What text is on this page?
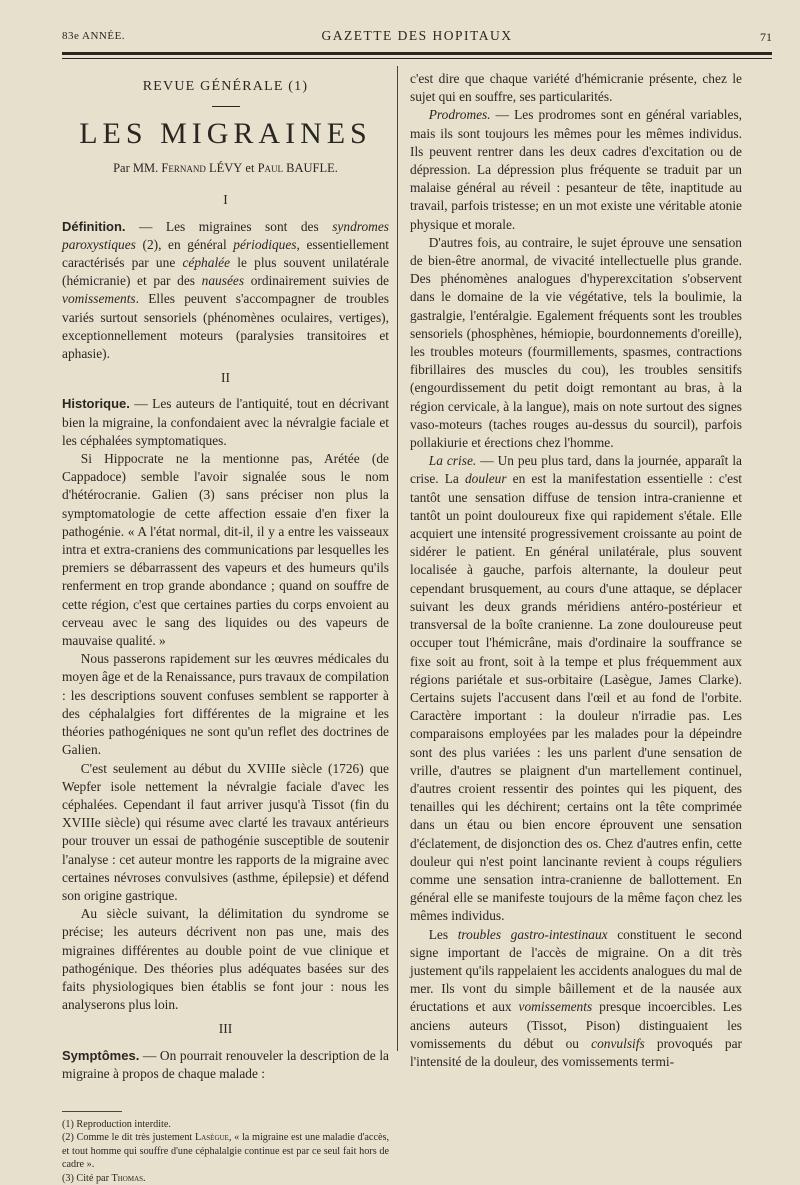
83e ANNÉE.	GAZETTE DES HOPITAUX	71
REVUE GÉNÉRALE (1)
LES MIGRAINES
Par MM. Fernand LÉVY et Paul BAUFLE.
I

Définition. — Les migraines sont des syndromes paroxystiques (2), en général périodiques, essentiellement caractérisés par une céphalée le plus souvent unilatérale (hémicranie) et par des nausées ordinairement suivies de vomissements. Elles peuvent s'accompagner de troubles variés surtout sensoriels (phénomènes oculaires, vertiges), exceptionnellement moteurs (paralysies transitoires et aphasie).

II

Historique. — Les auteurs de l'antiquité, tout en décrivant bien la migraine, la confondaient avec la névralgie faciale et les céphalées symptomatiques.

Si Hippocrate ne la mentionne pas, Arétée (de Cappadoce) semble l'avoir signalée sous le nom d'hétérocranie. Galien (3) sans préciser non plus la symptomatologie de cette affection essaie d'en fixer la pathogénie. « A l'état normal, dit-il, il y a entre les vaisseaux intra et extra-craniens des communications par lesquelles les premiers se débarrassent des vapeurs et des humeurs qu'ils renferment en trop grande abondance ; quand on souffre de cette région, c'est que certaines parties du corps envoient au cerveau avec le sang des liquides ou des vapeurs de mauvaise qualité. »

Nous passerons rapidement sur les œuvres médicales du moyen âge et de la Renaissance, purs travaux de compilation : les descriptions souvent confuses semblent se rapporter à des céphalalgies fort différentes de la migraine et les théories pathogéniques ne sont qu'un reflet des doctrines de Galien.

C'est seulement au début du XVIIIe siècle (1726) que Wepfer isole nettement la névralgie faciale d'avec les céphalées. Cependant il faut arriver jusqu'à Tissot (fin du XVIIIe siècle) qui résume avec clarté les travaux antérieurs pour trouver un essai de pathogénie susceptible de soutenir l'analyse : cet auteur montre les rapports de la migraine avec certaines névroses convulsives (asthme, épilepsie) et défend son origine gastrique.

Au siècle suivant, la délimitation du syndrome se précise; les auteurs décrivent non pas une, mais des migraines différentes au double point de vue clinique et pathogénique. Des théories plus adéquates basées sur des faits physiologiques bien établis se font jour : nous les analyserons plus loin.

III

Symptômes. — On pourrait renouveler la description de la migraine à propos de chaque malade :

(1) Reproduction interdite.

(2) Comme le dit très justement Lasègue, « la migraine est une maladie d'accès, et tout homme qui souffre d'une céphalalgie continue est par ce seul fait hors de cadre ».

(3) Cité par Thomas.

c'est dire que chaque variété d'hémicranie présente, chez le sujet qui en souffre, ses particularités.

Prodromes. — Les prodromes sont en général variables, mais ils sont toujours les mêmes pour les mêmes individus. Ils peuvent rentrer dans les deux cadres d'excitation ou de dépression. La dépression plus fréquente se traduit par un malaise général au réveil : pesanteur de tête, inaptitude au travail, parfois tristesse; en un mot existe une véritable atonie physique et morale.

D'autres fois, au contraire, le sujet éprouve une sensation de bien-être anormal, de vivacité intellectuelle plus grande. Des phénomènes analogues d'hyperexcitation s'observent dans le domaine de la vie végétative, tels la boulimie, la gastralgie, l'entéralgie. Egalement fréquents sont les troubles sensoriels (phosphènes, hémiopie, bourdonnements d'oreille), les troubles moteurs (fourmillements, spasmes, contractions fibrillaires des muscles du cou), les troubles sensitifs (engourdissement du petit doigt remontant au bras, à la région cervicale, à la langue), mais on note surtout des signes vaso-moteurs (taches rouges au-dessus du sourcil), parfois pollakiurie et érections chez l'homme.

La crise. — Un peu plus tard, dans la journée, apparaît la crise. La douleur en est la manifestation essentielle : c'est tantôt une sensation diffuse de tension intra-cranienne et tantôt un point douloureux fixe qui rapidement s'étale. Elle acquiert une intensité progressivement croissante au point de sidérer le patient. En général unilatérale, plus souvent localisée à gauche, parfois alternante, la douleur peut cependant brusquement, au cours d'une attaque, se déplacer suivant les deux grands méridiens antéro-postérieur et transversal de la boîte cranienne. La zone douloureuse peut occuper tout l'hémicrâne, mais d'ordinaire la souffrance se fixe soit au front, soit à la tempe et plus fréquemment aux régions pariétale et sus-orbitaire (Lasègue, James Clarke). Certains sujets l'accusent dans l'œil et au fond de l'orbite. Caractère important : la douleur n'irradie pas. Les comparaisons employées par les malades pour la dépeindre sont des plus variées : les uns parlent d'une sensation de vrille, d'autres se plaignent d'un martellement continuel, d'autres croient ressentir des pointes qui les piquent, des tenailles qui les déchirent; certains ont la tête comprimée dans un étau ou bien encore éprouvent une sensation d'éclatement, de disjonction des os. Chez d'autres enfin, cette douleur qui n'est point lancinante revient à coups réguliers comme une sensation intra-cranienne de ballottement. En général elle se manifeste toujours de la même façon chez les mêmes individus.

Les troubles gastro-intestinaux constituent le second signe important de l'accès de migraine. On a dit très justement qu'ils rappelaient les accidents analogues du mal de mer. Ils vont du simple bâillement et de la nausée aux éructations et aux vomissements presque incoercibles. Les anciens auteurs (Tissot, Pison) distinguaient les vomissements du début ou convulsifs provoqués par l'intensité de la douleur, des vomissements termi-
